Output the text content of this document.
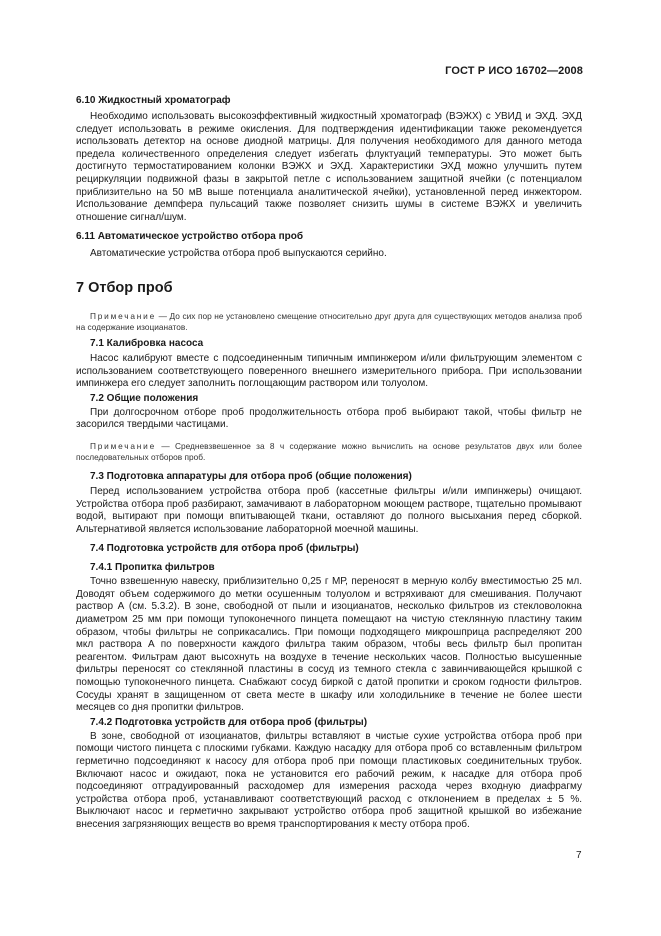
ГОСТ Р ИСО 16702—2008
6.10 Жидкостный хроматограф

Необходимо использовать высокоэффективный жидкостный хроматограф (ВЭЖХ) с УВИД и ЭХД. ЭХД следует использовать в режиме окисления. Для подтверждения идентификации также рекомендуется использовать детектор на основе диодной матрицы. Для получения необходимого для данного метода предела количественного определения следует избегать флуктуаций температуры. Это может быть достигнуто термостатированием колонки ВЭЖХ и ЭХД. Характеристики ЭХД можно улучшить путем рециркуляции подвижной фазы в закрытой петле с использованием защитной ячейки (с потенциалом приблизительно на 50 мВ выше потенциала аналитической ячейки), установленной перед инжектором. Использование демпфера пульсаций также позволяет снизить шумы в системе ВЭЖХ и увеличить отношение сигнал/шум.

6.11 Автоматическое устройство отбора проб

Автоматические устройства отбора проб выпускаются серийно.

7 Отбор проб

Примечание — До сих пор не установлено смещение относительно друг друга для существующих методов анализа проб на содержание изоцианатов.

7.1 Калибровка насоса

Насос калибруют вместе с подсоединенным типичным импинжером и/или фильтрующим элементом с использованием соответствующего поверенного внешнего измерительного прибора. При использовании импинжера его следует заполнить поглощающим раствором или толуолом.

7.2 Общие положения

При долгосрочном отборе проб продолжительность отбора проб выбирают такой, чтобы фильтр не засорился твердыми частицами.

Примечание — Средневзвешенное за 8 ч содержание можно вычислить на основе результатов двух или более последовательных отборов проб.

7.3 Подготовка аппаратуры для отбора проб (общие положения)

Перед использованием устройства отбора проб (кассетные фильтры и/или импинжеры) очищают. Устройства отбора проб разбирают, замачивают в лабораторном моющем растворе, тщательно промывают водой, вытирают при помощи впитывающей ткани, оставляют до полного высыхания перед сборкой. Альтернативой является использование лабораторной моечной машины.

7.4 Подготовка устройств для отбора проб (фильтры)
7.4.1 Пропитка фильтров

Точно взвешенную навеску, приблизительно 0,25 г МР, переносят в мерную колбу вместимостью 25 мл. Доводят объем содержимого до метки осушенным толуолом и встряхивают для смешивания. Получают раствор А (см. 5.3.2). В зоне, свободной от пыли и изоцианатов, несколько фильтров из стекловолокна диаметром 25 мм при помощи тупоконечного пинцета помещают на чистую стеклянную пластину таким образом, чтобы фильтры не соприкасались. При помощи подходящего микрошприца распределяют 200 мкл раствора А по поверхности каждого фильтра таким образом, чтобы весь фильтр был пропитан реагентом. Фильтрам дают высохнуть на воздухе в течение нескольких часов. Полностью высушенные фильтры переносят со стеклянной пластины в сосуд из темного стекла с завинчивающейся крышкой с помощью тупоконечного пинцета. Снабжают сосуд биркой с датой пропитки и сроком годности фильтров. Сосуды хранят в защищенном от света месте в шкафу или холодильнике в течение не более шести месяцев со дня пропитки фильтров.

7.4.2 Подготовка устройств для отбора проб (фильтры)

В зоне, свободной от изоцианатов, фильтры вставляют в чистые сухие устройства отбора проб при помощи чистого пинцета с плоскими губками. Каждую насадку для отбора проб со вставленным фильтром герметично подсоединяют к насосу для отбора проб при помощи пластиковых соединительных трубок. Включают насос и ожидают, пока не установится его рабочий режим, к насадке для отбора проб подсоединяют отградуированный расходомер для измерения расхода через входную диафрагму устройства отбора проб, устанавливают соответствующий расход с отклонением в пределах ± 5 %. Выключают насос и герметично закрывают устройство отбора проб защитной крышкой во избежание внесения загрязняющих веществ во время транспортирования к месту отбора проб.

7
